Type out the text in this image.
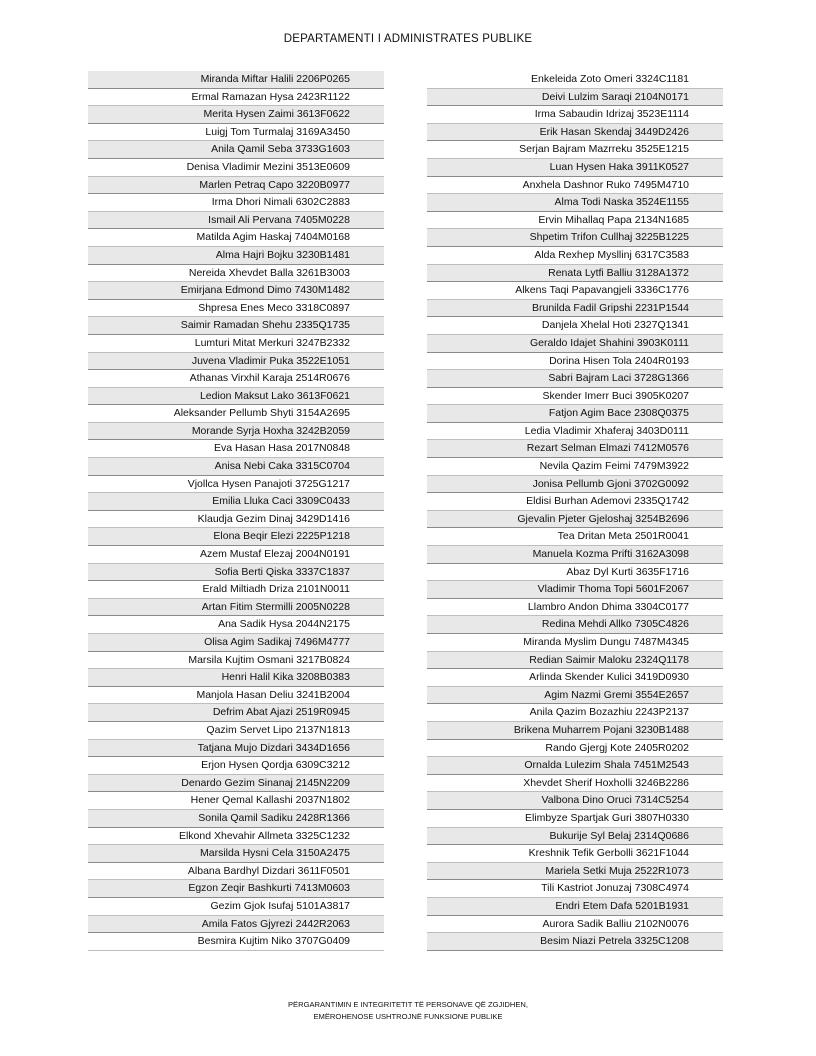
DEPARTAMENTI I ADMINISTRATES PUBLIKE
Miranda Miftar Halili 2206P0265
Ermal Ramazan Hysa 2423R1122
Merita Hysen Zaimi 3613F0622
Luigj Tom Turmalaj 3169A3450
Anila Qamil Seba 3733G1603
Denisa Vladimir Mezini 3513E0609
Marlen Petraq Capo 3220B0977
Irma Dhori Nimali 6302C2883
Ismail Ali Pervana 7405M0228
Matilda Agim Haskaj 7404M0168
Alma Hajri Bojku 3230B1481
Nereida Xhevdet Balla 3261B3003
Emirjana Edmond Dimo 7430M1482
Shpresa Enes Meco 3318C0897
Saimir Ramadan Shehu 2335Q1735
Lumturi Mitat Merkuri 3247B2332
Juvena Vladimir Puka 3522E1051
Athanas Virxhil Karaja 2514R0676
Ledion Maksut Lako 3613F0621
Aleksander Pellumb Shyti 3154A2695
Morande Syrja Hoxha 3242B2059
Eva Hasan Hasa 2017N0848
Anisa Nebi Caka 3315C0704
Vjollca Hysen Panajoti 3725G1217
Emilia Lluka Caci 3309C0433
Klaudja Gezim Dinaj 3429D1416
Elona Beqir Elezi 2225P1218
Azem Mustaf Elezaj 2004N0191
Sofia Berti Qiska 3337C1837
Erald Miltiadh Driza 2101N0011
Artan Fitim Stermilli 2005N0228
Ana Sadik Hysa 2044N2175
Olisa Agim Sadikaj 7496M4777
Marsila Kujtim Osmani 3217B0824
Henri Halil Kika 3208B0383
Manjola Hasan Deliu 3241B2004
Defrim Abat Ajazi 2519R0945
Qazim Servet Lipo 2137N1813
Tatjana Mujo Dizdari 3434D1656
Erjon Hysen Qordja 6309C3212
Denardo Gezim Sinanaj 2145N2209
Hener Qemal Kallashi 2037N1802
Sonila Qamil Sadiku 2428R1366
Elkond Xhevahir Allmeta 3325C1232
Marsilda Hysni Cela 3150A2475
Albana Bardhyl Dizdari 3611F0501
Egzon Zeqir Bashkurti 7413M0603
Gezim Gjok Isufaj 5101A3817
Amila Fatos Gjyrezi 2442R2063
Besmira Kujtim Niko 3707G0409
Enkeleida Zoto Omeri 3324C1181
Deivi Lulzim Saraqi 2104N0171
Irma Sabaudin Idrizaj 3523E1114
Erik Hasan Skendaj 3449D2426
Serjan Bajram Mazrreku 3525E1215
Luan Hysen Haka 3911K0527
Anxhela Dashnor Ruko 7495M4710
Alma Todi Naska 3524E1155
Ervin Mihallaq Papa 2134N1685
Shpetim Trifon Cullhaj 3225B1225
Alda Rexhep Mysllinj 6317C3583
Renata Lytfi Balliu 3128A1372
Alkens Taqi Papavangjeli 3336C1776
Brunilda Fadil Gripshi 2231P1544
Danjela Xhelal Hoti 2327Q1341
Geraldo Idajet Shahini 3903K0111
Dorina Hisen Tola 2404R0193
Sabri Bajram Laci 3728G1366
Skender Imerr Buci 3905K0207
Fatjon Agim Bace 2308Q0375
Ledia Vladimir Xhaferaj 3403D0111
Rezart Selman Elmazi 7412M0576
Nevila Qazim Feimi 7479M3922
Jonisa Pellumb Gjoni 3702G0092
Eldisi Burhan Ademovi 2335Q1742
Gjevalin Pjeter Gjeloshaj 3254B2696
Tea Dritan Meta 2501R0041
Manuela Kozma Prifti 3162A3098
Abaz Dyl Kurti 3635F1716
Vladimir Thoma Topi 5601F2067
Llambro Andon Dhima 3304C0177
Redina Mehdi Allko 7305C4826
Miranda Myslim Dungu 7487M4345
Redian Saimir Maloku 2324Q1178
Arlinda Skender Kulici 3419D0930
Agim Nazmi Gremi 3554E2657
Anila Qazim Bozazhiu 2243P2137
Brikena Muharrem Pojani 3230B1488
Rando Gjergj Kote 2405R0202
Ornalda Lulezim Shala 7451M2543
Xhevdet Sherif Hoxholli 3246B2286
Valbona Dino Oruci 7314C5254
Elimbyze Spartjak Guri 3807H0330
Bukurije Syl Belaj 2314Q0686
Kreshnik Tefik Gerbolli 3621F1044
Mariela Setki Muja 2522R1073
Tili Kastriot Jonuzaj 7308C4974
Endri Etem Dafa 5201B1931
Aurora Sadik Balliu 2102N0076
Besim Niazi Petrela 3325C1208
PËRGARANTIMIN E INTEGRITETIT TË PERSONAVE QË ZGJIDHEN,
EMËROHENOSE USHTROJNË FUNKSIONE PUBLIKE
